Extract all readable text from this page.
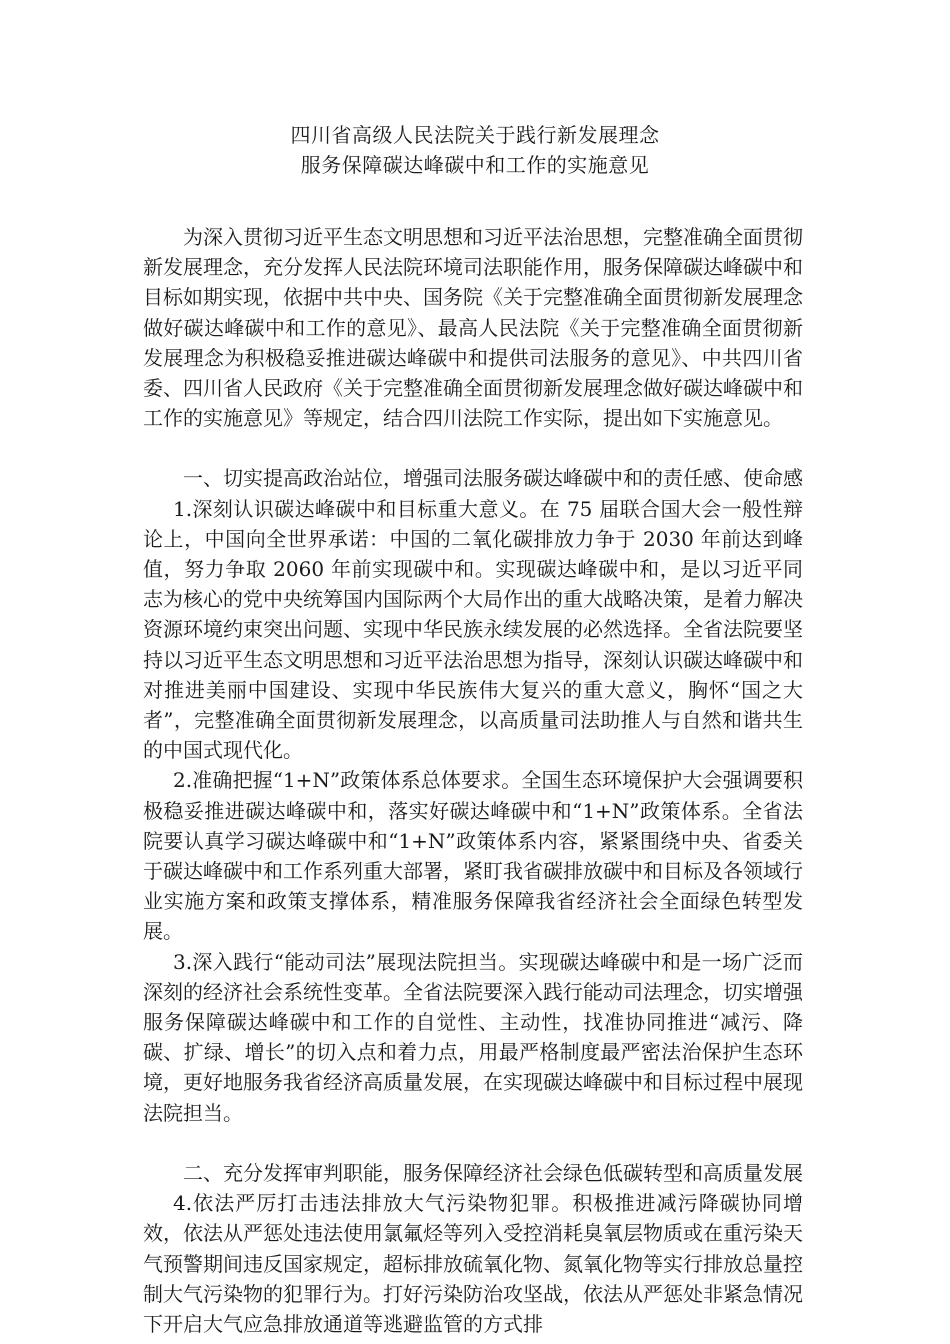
四川省高级人民法院关于践行新发展理念
服务保障碳达峰碳中和工作的实施意见

为深入贯彻习近平生态文明思想和习近平法治思想，完整准确全面贯彻新发展理念，充分发挥人民法院环境司法职能作用，服务保障碳达峰碳中和目标如期实现，依据中共中央、国务院《关于完整准确全面贯彻新发展理念做好碳达峰碳中和工作的意见》、最高人民法院《关于完整准确全面贯彻新发展理念为积极稳妥推进碳达峰碳中和提供司法服务的意见》、中共四川省委、四川省人民政府《关于完整准确全面贯彻新发展理念做好碳达峰碳中和工作的实施意见》等规定，结合四川法院工作实际，提出如下实施意见。

一、切实提高政治站位，增强司法服务碳达峰碳中和的责任感、使命感

1.深刻认识碳达峰碳中和目标重大意义。在 75 届联合国大会一般性辩论上，中国向全世界承诺：中国的二氧化碳排放力争于 2030 年前达到峰值，努力争取 2060 年前实现碳中和。实现碳达峰碳中和，是以习近平同志为核心的党中央统筹国内国际两个大局作出的重大战略决策，是着力解决资源环境约束突出问题、实现中华民族永续发展的必然选择。全省法院要坚持以习近平生态文明思想和习近平法治思想为指导，深刻认识碳达峰碳中和对推进美丽中国建设、实现中华民族伟大复兴的重大意义，胸怀“国之大者”，完整准确全面贯彻新发展理念，以高质量司法助推人与自然和谐共生的中国式现代化。

2.准确把握“1+N”政策体系总体要求。全国生态环境保护大会强调要积极稳妥推进碳达峰碳中和，落实好碳达峰碳中和“1+N”政策体系。全省法院要认真学习碳达峰碳中和“1+N”政策体系内容，紧紧围绕中央、省委关于碳达峰碳中和工作系列重大部署，紧盯我省碳排放碳中和目标及各领域行业实施方案和政策支撑体系，精准服务保障我省经济社会全面绿色转型发展。

3.深入践行“能动司法”展现法院担当。实现碳达峰碳中和是一场广泛而深刻的经济社会系统性变革。全省法院要深入践行能动司法理念，切实增强服务保障碳达峰碳中和工作的自觉性、主动性，找准协同推进“减污、降碳、扩绿、增长”的切入点和着力点，用最严格制度最严密法治保护生态环境，更好地服务我省经济高质量发展，在实现碳达峰碳中和目标过程中展现法院担当。

二、充分发挥审判职能，服务保障经济社会绿色低碳转型和高质量发展

4.依法严厉打击违法排放大气污染物犯罪。积极推进减污降碳协同增效，依法从严惩处违法使用氯氟烃等列入受控消耗臭氧层物质或在重污染天气预警期间违反国家规定，超标排放硫氧化物、氮氧化物等实行排放总量控制大气污染物的犯罪行为。打好污染防治攻坚战，依法从严惩处非紧急情况下开启大气应急排放通道等逃避监管的方式排
